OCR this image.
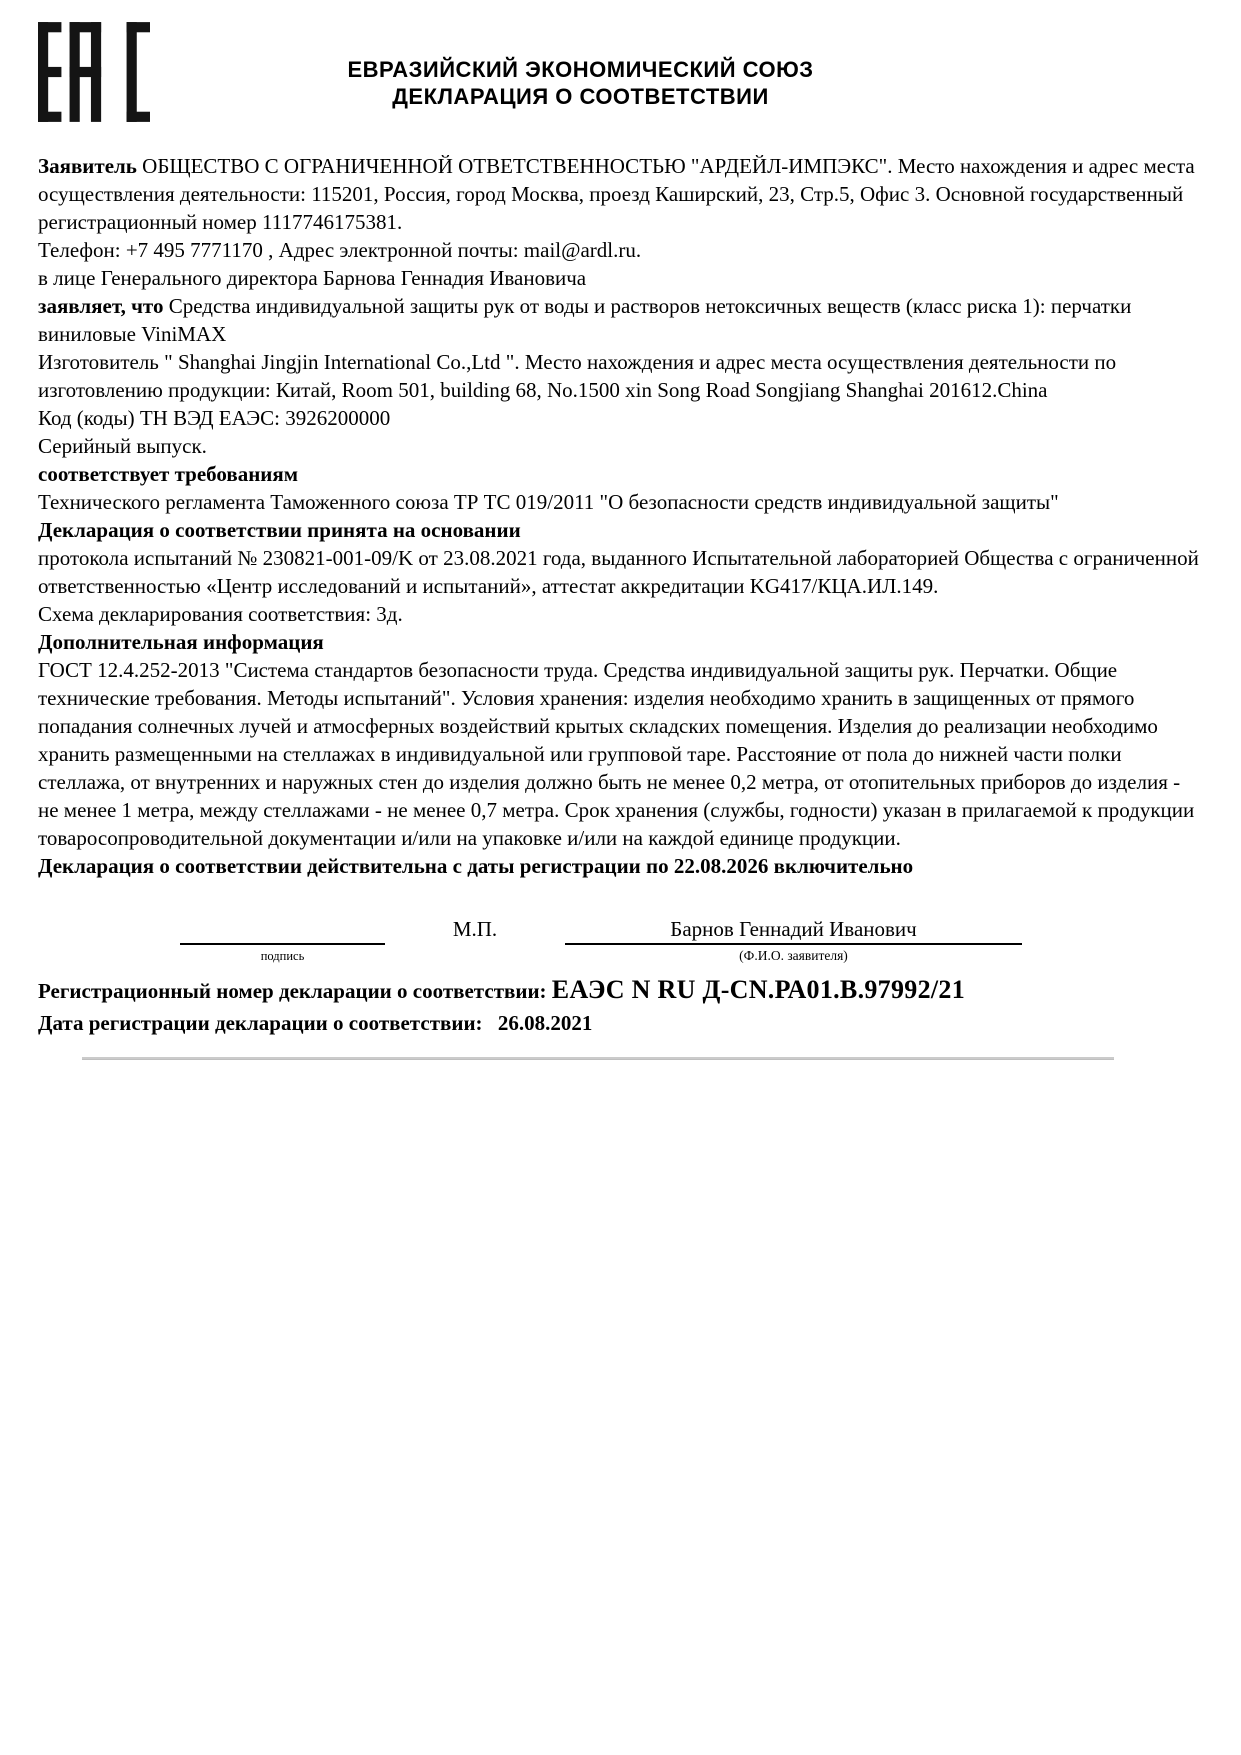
ЕВРАЗИЙСКИЙ ЭКОНОМИЧЕСКИЙ СОЮЗ
ДЕКЛАРАЦИЯ О СООТВЕТСТВИИ

Заявитель ОБЩЕСТВО С ОГРАНИЧЕННОЙ ОТВЕТСТВЕННОСТЬЮ "АРДЕЙЛ-ИМПЭКС". Место нахождения и адрес места осуществления деятельности: 115201, Россия, город Москва, проезд Каширский, 23, Стр.5, Офис 3. Основной государственный регистрационный номер 1117746175381.

Телефон: +7 495 7771170 , Адрес электронной почты: mail@ardl.ru.

в лице Генерального директора Барнова Геннадия Ивановича

заявляет, что Средства индивидуальной защиты рук от воды и растворов нетоксичных веществ (класс риска 1): перчатки виниловые ViniMAX

Изготовитель " Shanghai Jingjin International Co.,Ltd ". Место нахождения и адрес места осуществления деятельности по изготовлению продукции: Китай, Room 501, building 68, No.1500 xin Song Road Songjiang Shanghai 201612.China

Код (коды) ТН ВЭД ЕАЭС: 3926200000

Серийный выпуск.

соответствует требованиям

Технического регламента Таможенного союза ТР ТС 019/2011 "О безопасности средств индивидуальной защиты"

Декларация о соответствии принята на основании

протокола испытаний № 230821-001-09/K от 23.08.2021 года, выданного Испытательной лабораторией Общества с ограниченной ответственностью «Центр исследований и испытаний», аттестат аккредитации KG417/КЦА.ИЛ.149.

Схема декларирования соответствия: 3д.

Дополнительная информация

ГОСТ 12.4.252-2013 "Система стандартов безопасности труда. Средства индивидуальной защиты рук. Перчатки. Общие технические требования. Методы испытаний". Условия хранения: изделия необходимо хранить в защищенных от прямого попадания солнечных лучей и атмосферных воздействий крытых складских помещения. Изделия до реализации необходимо хранить размещенными на стеллажах в индивидуальной или групповой таре. Расстояние от пола до нижней части полки стеллажа, от внутренних и наружных стен до изделия должно быть не менее 0,2 метра, от отопительных приборов до изделия - не менее 1 метра, между стеллажами - не менее 0,7 метра. Срок хранения (службы, годности) указан в прилагаемой к продукции товаросопроводительной документации и/или на упаковке и/или на каждой единице продукции.

Декларация о соответствии действительна с даты регистрации по 22.08.2026 включительно

подпись
М.П.	Барнов Геннадий Иванович
(Ф.И.О. заявителя)
Регистрационный номер декларации о соответствии: ЕАЭС N RU Д-CN.РА01.В.97992/21
Дата регистрации декларации о соответствии: 26.08.2021
